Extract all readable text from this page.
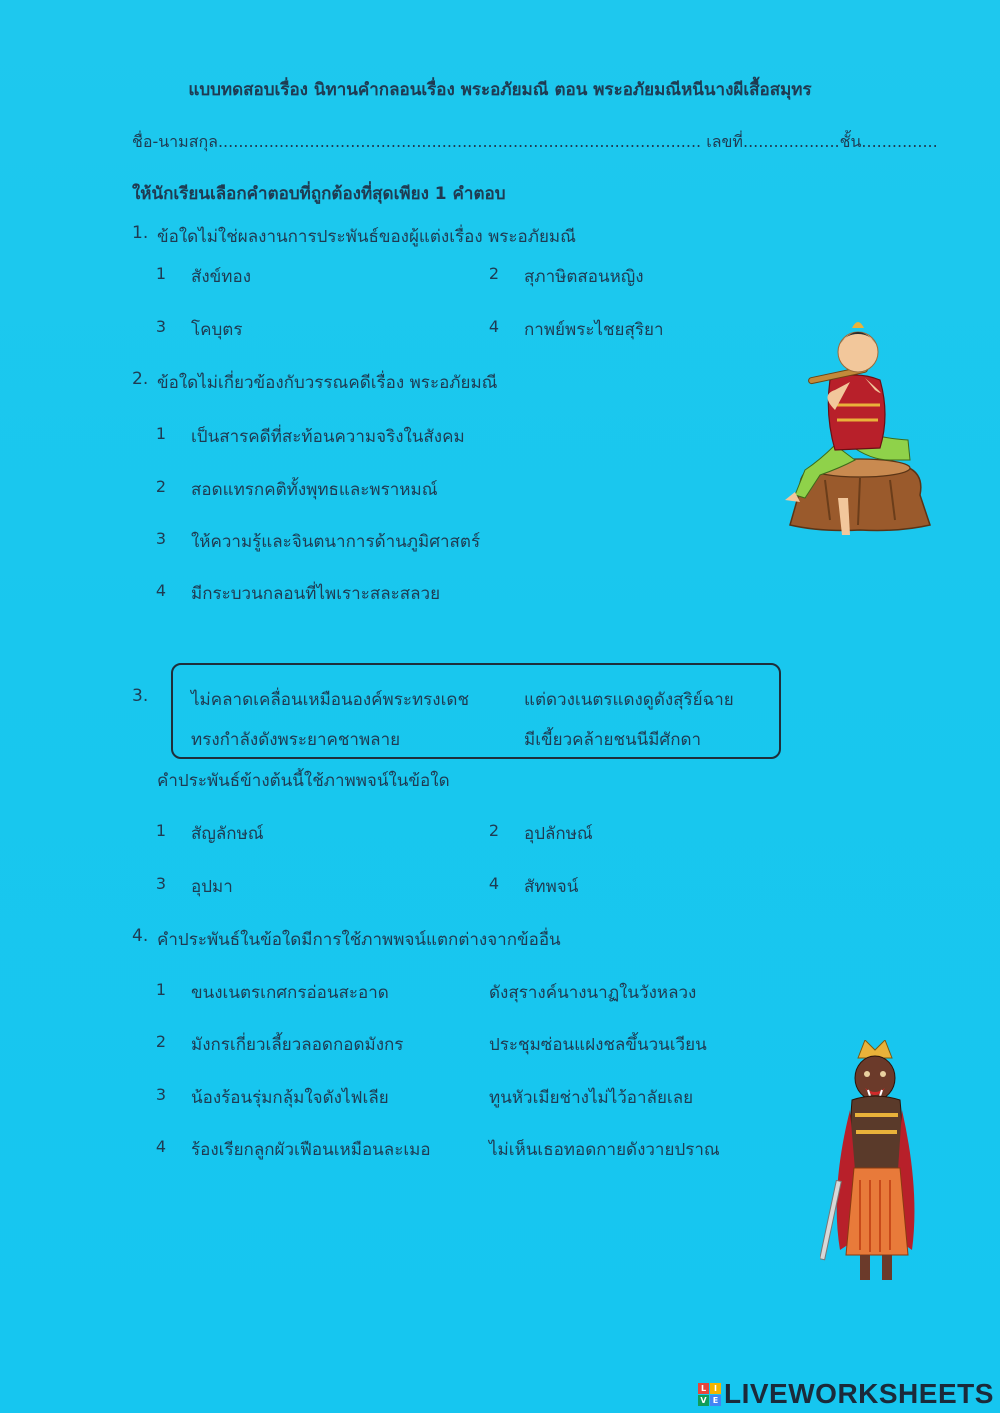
แบบทดสอบเรื่อง นิทานคำกลอนเรื่อง พระอภัยมณี ตอน พระอภัยมณีหนีนางผีเสื้อสมุทร
ชื่อ-นามสกุล............................................................................................... เลขที่...................ชั้น...............
ให้นักเรียนเลือกคำตอบที่ถูกต้องที่สุดเพียง 1 คำตอบ
1. ข้อใดไม่ใช่ผลงานการประพันธ์ของผู้แต่งเรื่อง พระอภัยมณี
1 สังข์ทอง	2 สุภาษิตสอนหญิง
3 โคบุตร	4 กาพย์พระไชยสุริยา
2. ข้อใดไม่เกี่ยวข้องกับวรรณคดีเรื่อง พระอภัยมณี
1 เป็นสารคดีที่สะท้อนความจริงในสังคม
2 สอดแทรกคติทั้งพุทธและพราหมณ์
3 ให้ความรู้และจินตนาการด้านภูมิศาสตร์
4 มีกระบวนกลอนที่ไพเราะสละสลวย
3.	ไม่คลาดเคลื่อนเหมือนองค์พระทรงเดช	แต่ดวงเนตรแดงดูดังสุริย์ฉาย
ทรงกำลังดังพระยาคชาพลาย	มีเขี้ยวคล้ายชนนีมีศักดา
คำประพันธ์ข้างต้นนี้ใช้ภาพพจน์ในข้อใด
1 สัญลักษณ์	2 อุปลักษณ์
3 อุปมา	4 สัทพจน์
4. คำประพันธ์ในข้อใดมีการใช้ภาพพจน์แตกต่างจากข้ออื่น
1 ขนงเนตรเกศกรอ่อนสะอาด	ดังสุรางค์นางนาฏในวังหลวง
2 มังกรเกี่ยวเลี้ยวลอดกอดมังกร	ประชุมซ่อนแฝงชลขึ้นวนเวียน
3 น้องร้อนรุ่มกลุ้มใจดังไฟเลีย	ทูนหัวเมียช่างไม่ไว้อาลัยเลย
4 ร้องเรียกลูกผัวเฟือนเหมือนละเมอ	ไม่เห็นเธอทอดกายดังวายปราณ
L I
V E LIVEWORKSHEETS
